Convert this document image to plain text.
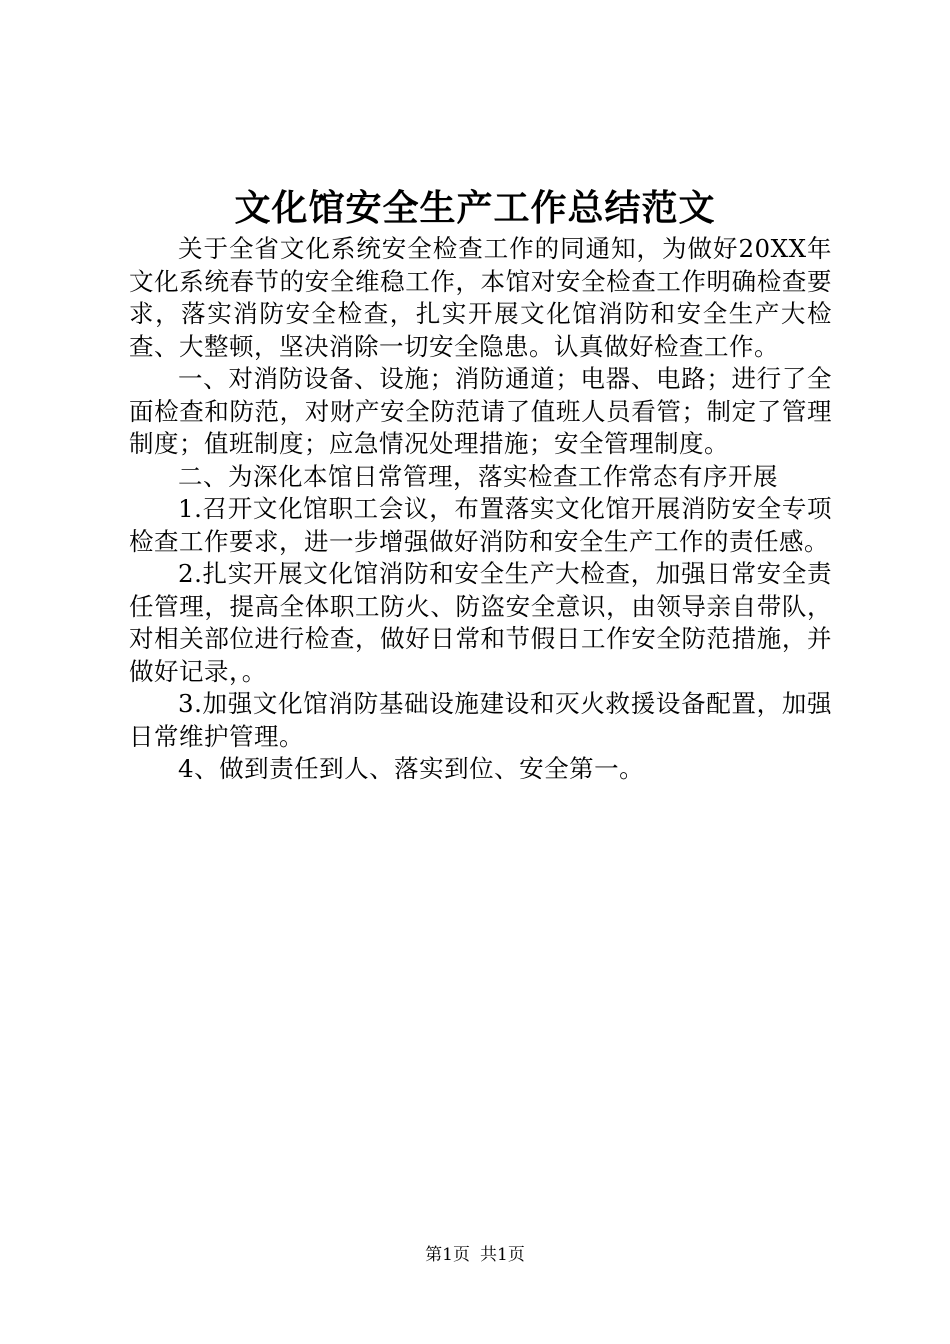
文化馆安全生产工作总结范文

关于全省文化系统安全检查工作的同通知，为做好20XX年文化系统春节的安全维稳工作，本馆对安全检查工作明确检查要求，落实消防安全检查，扎实开展文化馆消防和安全生产大检查、大整顿，坚决消除一切安全隐患。认真做好检查工作。

一、对消防设备、设施；消防通道；电器、电路；进行了全面检查和防范，对财产安全防范请了值班人员看管；制定了管理制度；值班制度；应急情况处理措施；安全管理制度。

二、为深化本馆日常管理，落实检查工作常态有序开展

1.召开文化馆职工会议，布置落实文化馆开展消防安全专项检查工作要求，进一步增强做好消防和安全生产工作的责任感。

2.扎实开展文化馆消防和安全生产大检查，加强日常安全责任管理，提高全体职工防火、防盗安全意识，由领导亲自带队，对相关部位进行检查，做好日常和节假日工作安全防范措施，并做好记录，。

3.加强文化馆消防基础设施建设和灭火救援设备配置，加强日常维护管理。

4、做到责任到人、落实到位、安全第一。

第1页 共1页
